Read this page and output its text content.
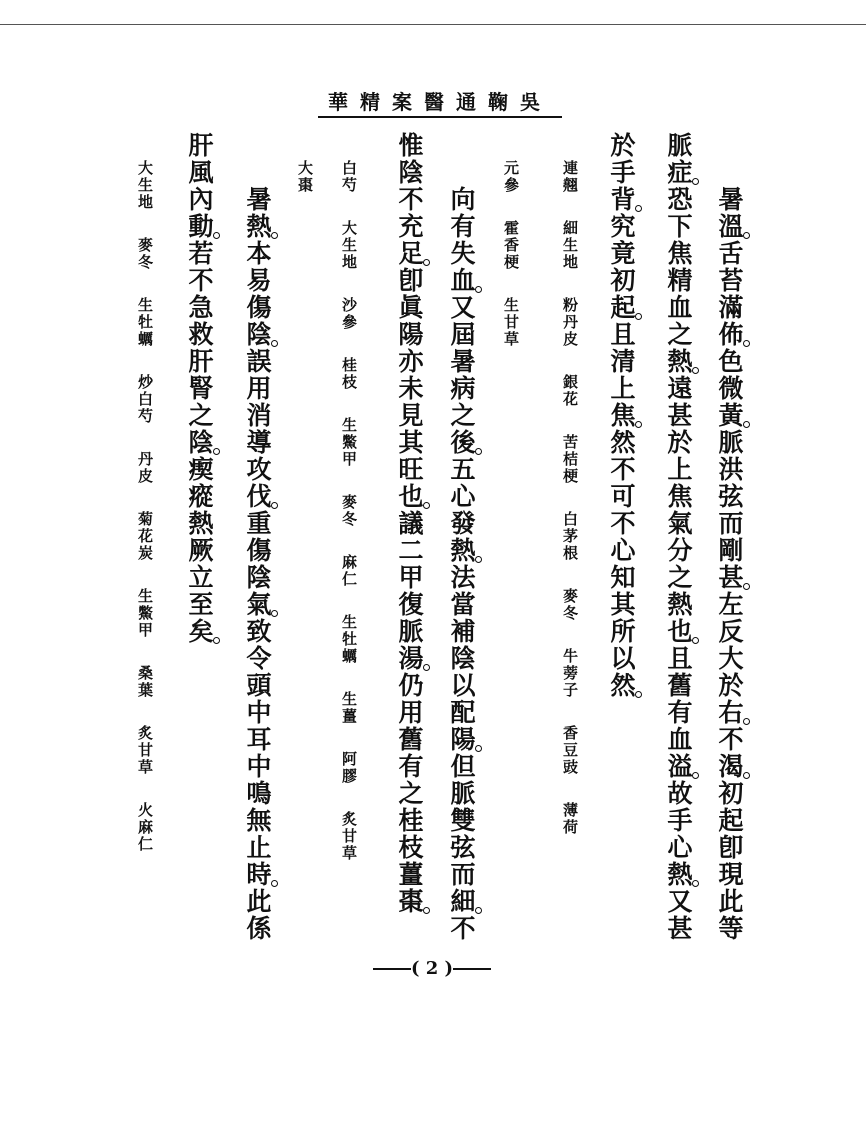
吳鞠通醫案精華
暑
溫
舌
苔
滿
佈
色
微
黃
脈
洪
弦
而
剛
甚
左
反
大
於
右
不
渴
初
起
卽
現
此
等
脈
症
恐
下
焦
精
血
之
熱
遠
甚
於
上
焦
氣
分
之
熱
也
且
舊
有
血
溢
故
手
心
熱
又
甚
於
手
背
究
竟
初
起
且
清
上
焦
然
不
可
不
心
知
其
所
以
然
連翹
細生地
粉丹皮
銀花
苦桔梗
白茅根
麥冬
牛蒡子
香豆豉
薄荷
元參
霍香梗
生甘草
向
有
失
血
又
屆
暑
病
之
後
五
心
發
熱
法
當
補
陰
以
配
陽
但
脈
雙
弦
而
細
不
惟
陰
不
充
足
卽
眞
陽
亦
未
見
其
旺
也
議
二
甲
復
脈
湯
仍
用
舊
有
之
桂
枝
薑
棗
白芍
大生地
沙參
桂枝
生鱉甲
麥冬
麻仁
生牡蠣
生薑
阿膠
炙甘草
大棗
暑
熱
本
易
傷
陰
誤
用
消
導
攻
伐
重
傷
陰
氣
致
令
頭
中
耳
中
鳴
無
止
時
此
係
肝
風
內
動
若
不
急
救
肝
腎
之
陰
瘈
瘲
熱
厥
立
至
矣
大生地
麥冬
生牡蠣
炒白芍
丹皮
菊花炭
生鱉甲
桑葉
炙甘草
火麻仁
( 2 )
